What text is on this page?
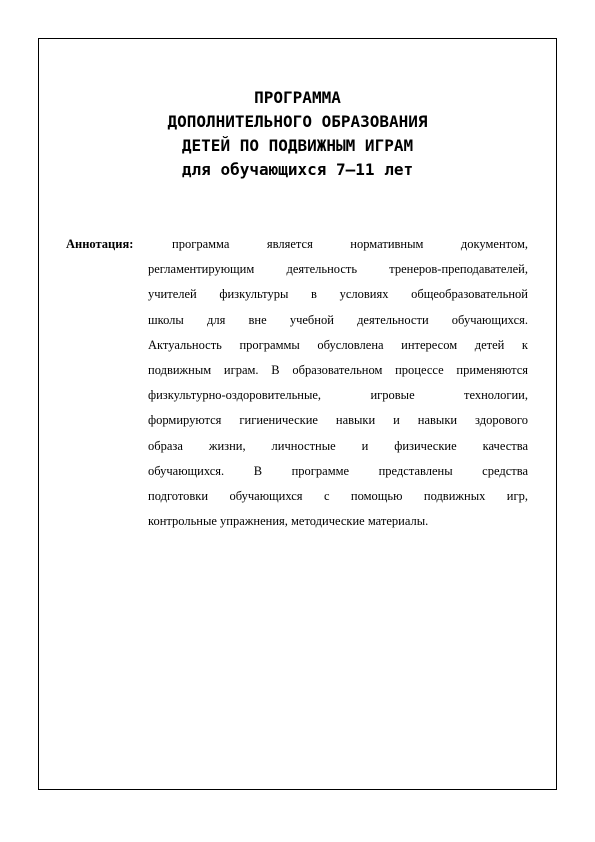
ПРОГРАММА
ДОПОЛНИТЕЛЬНОГО ОБРАЗОВАНИЯ
ДЕТЕЙ ПО ПОДВИЖНЫМ ИГРАМ
для обучающихся 7–11 лет
Аннотация:	программа является нормативным документом,
регламентирующим деятельность тренеров-преподавателей,
учителей физкультуры в условиях общеобразовательной
школы для вне учебной деятельности обучающихся.
Актуальность программы обусловлена интересом детей к
подвижным играм. В образовательном процессе применяются
физкультурно-оздоровительные, игровые технологии,
формируются гигиенические навыки и навыки здорового
образа жизни, личностные и физические качества
обучающихся. В программе представлены средства
подготовки обучающихся с помощью подвижных игр,
контрольные упражнения, методические материалы.
